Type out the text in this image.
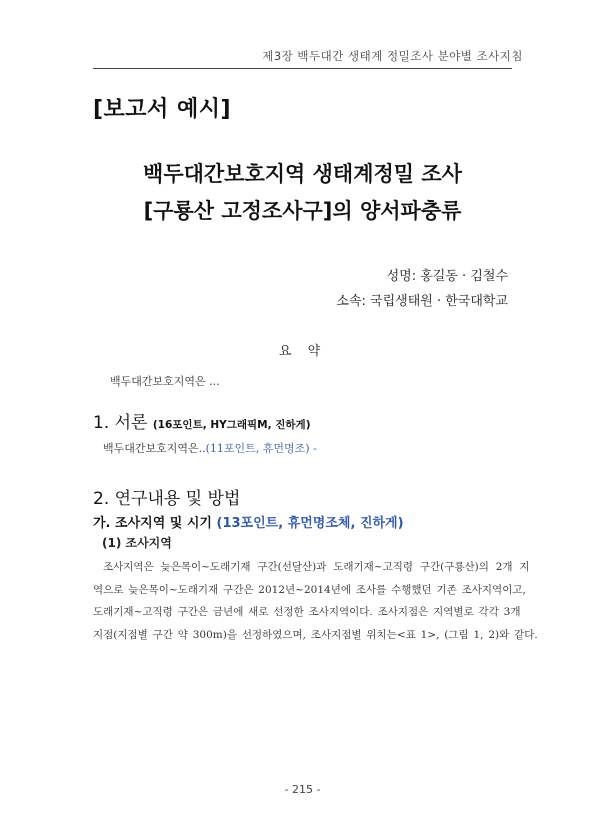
제3장 백두대간 생태계 정밀조사 분야별 조사지침
[보고서 예시]
백두대간보호지역 생태계정밀 조사
[구룡산 고정조사구]의 양서파충류
성명: 홍길동 · 김철수
소속: 국립생태원 · 한국대학교
요 약
백두대간보호지역은 ...
1. 서론 (16포인트, HY그래픽M, 진하게)
백두대간보호지역은..(11포인트, 휴먼명조) -
2. 연구내용 및 방법
가. 조사지역 및 시기 (13포인트, 휴먼명조체, 진하게)
(1) 조사지역
조사지역은 늦은목이~도래기재 구간(선달산)과 도래기재~고직령 구간(구룡산)의 2개 지
역으로 늦은목이~도래기재 구간은 2012년~2014년에 조사를 수행했던 기존 조사지역이고,
도래기재~고직령 구간은 금년에 새로 선정한 조사지역이다. 조사지점은 지역별로 각각 3개
지점(지점별 구간 약 300m)을 선정하였으며, 조사지점별 위치는<표 1>, (그림 1, 2)와 같다.
- 215 -
